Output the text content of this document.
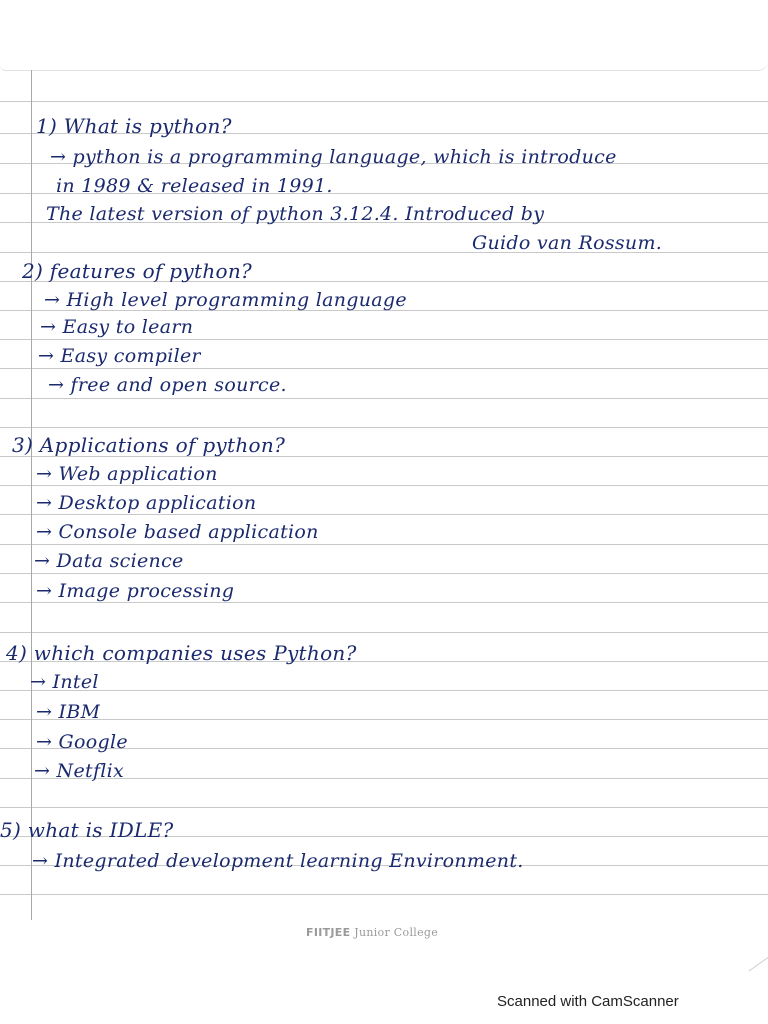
1) What is python?
→ python is a programming language, which is introduce
in 1989 & released in 1991.
The latest version of python 3.12.4. Introduced by
Guido van Rossum.
2) features of python?
→ High level programming language
→ Easy to learn
→ Easy compiler
→ free and open source.
3) Applications of python?
→ Web application
→ Desktop application
→ Console based application
→ Data science
→ Image processing
4) which companies uses Python?
→ Intel
→ IBM
→ Google
→ Netflix
5) what is IDLE?
→ Integrated development learning Environment.
FIITJEE Junior College
Scanned with CamScanner
